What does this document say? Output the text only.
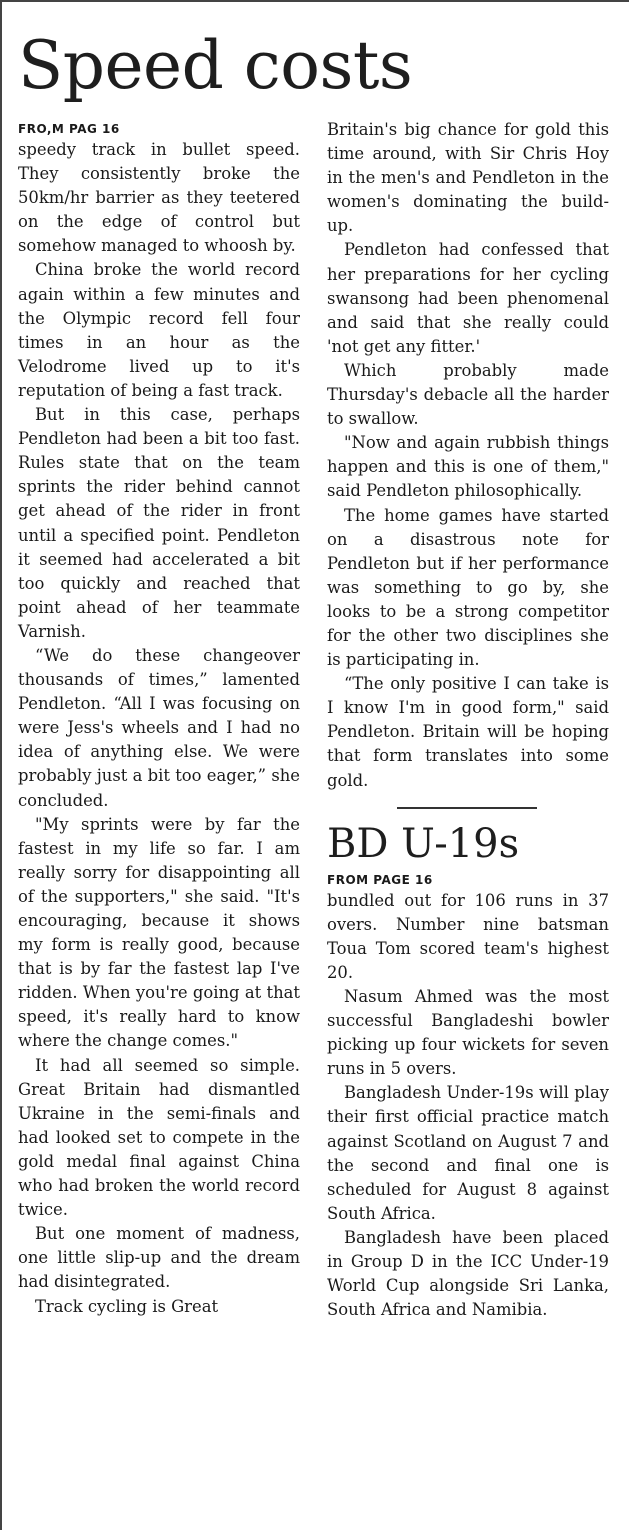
Speed costs
FRO,M PAG 16

speedy track in bullet speed. They consistently broke the 50km/hr barrier as they teetered on the edge of control but somehow managed to whoosh by.

China broke the world record again within a few minutes and the Olympic record fell four times in an hour as the Velodrome lived up to it's reputation of being a fast track.

But in this case, perhaps Pendleton had been a bit too fast. Rules state that on the team sprints the rider behind cannot get ahead of the rider in front until a specified point. Pendleton it seemed had accelerated a bit too quickly and reached that point ahead of her teammate Varnish.

“We do these changeover thousands of times,” lamented Pendleton. “All I was focusing on were Jess's wheels and I had no idea of anything else. We were probably just a bit too eager,” she concluded.

"My sprints were by far the fastest in my life so far. I am really sorry for disappointing all of the supporters," she said. "It's encouraging, because it shows my form is really good, because that is by far the fastest lap I've ridden. When you're going at that speed, it's really hard to know where the change comes."

It had all seemed so simple. Great Britain had dismantled Ukraine in the semi-finals and had looked set to compete in the gold medal final against China who had broken the world record twice.

But one moment of madness, one little slip-up and the dream had disintegrated.

Track cycling is Great

Britain's big chance for gold this time around, with Sir Chris Hoy in the men's and Pendleton in the women's dominating the build-up.

Pendleton had confessed that her preparations for her cycling swansong had been phenomenal and said that she really could 'not get any fitter.'

Which probably made Thursday's debacle all the harder to swallow.

"Now and again rubbish things happen and this is one of them," said Pendleton philosophically.

The home games have started on a disastrous note for Pendleton but if her performance was something to go by, she looks to be a strong competitor for the other two disciplines she is participating in.

“The only positive I can take is I know I'm in good form," said Pendleton. Britain will be hoping that form translates into some gold.

BD U-19s
FROM PAGE 16

bundled out for 106 runs in 37 overs. Number nine batsman Toua Tom scored team's highest 20.

Nasum Ahmed was the most successful Bangladeshi bowler picking up four wickets for seven runs in 5 overs.

Bangladesh Under-19s will play their first official practice match against Scotland on August 7 and the second and final one is scheduled for August 8 against South Africa.

Bangladesh have been placed in Group D in the ICC Under-19 World Cup alongside Sri Lanka, South Africa and Namibia.
